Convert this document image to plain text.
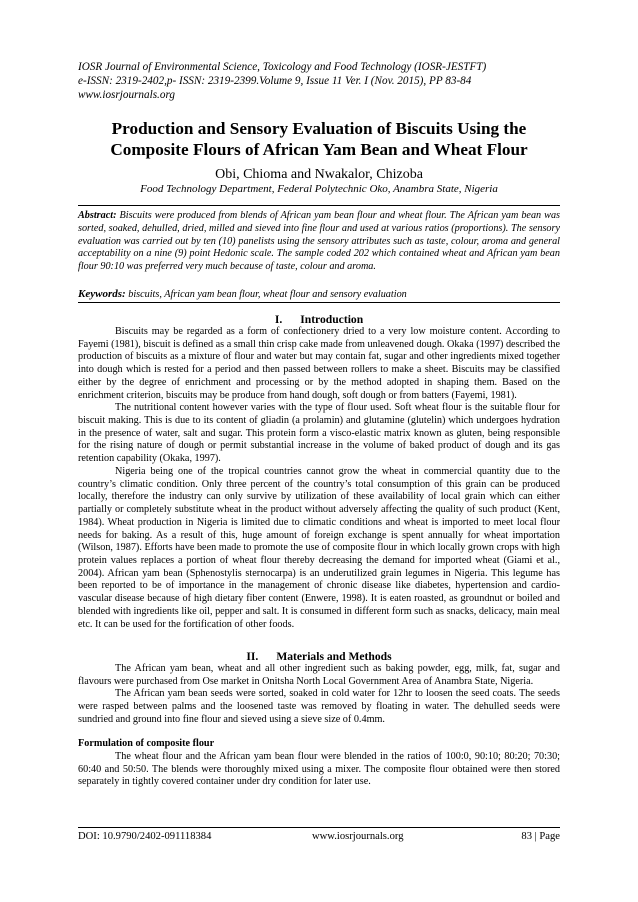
IOSR Journal of Environmental Science, Toxicology and Food Technology (IOSR-JESTFT)
e-ISSN: 2319-2402,p- ISSN: 2319-2399.Volume 9, Issue 11 Ver. I (Nov. 2015), PP 83-84
www.iosrjournals.org
Production and Sensory Evaluation of Biscuits Using the
Composite Flours of African Yam Bean and Wheat Flour
Obi, Chioma and Nwakalor, Chizoba
Food Technology Department, Federal Polytechnic Oko, Anambra State, Nigeria
Abstract: Biscuits were produced from blends of African yam bean flour and wheat flour. The African yam bean was sorted, soaked, dehulled, dried, milled and sieved into fine flour and used at various ratios (proportions). The sensory evaluation was carried out by ten (10) panelists using the sensory attributes such as taste, colour, aroma and general acceptability on a nine (9) point Hedonic scale. The sample coded 202 which contained wheat and African yam bean flour 90:10 was preferred very much because of taste, colour and aroma.
Keywords: biscuits, African yam bean flour, wheat flour and sensory evaluation
I. Introduction

Biscuits may be regarded as a form of confectionery dried to a very low moisture content. According to Fayemi (1981), biscuit is defined as a small thin crisp cake made from unleavened dough. Okaka (1997) described the production of biscuits as a mixture of flour and water but may contain fat, sugar and other ingredients mixed together into dough which is rested for a period and then passed between rollers to make a sheet. Biscuits may be classified either by the degree of enrichment and processing or by the method adopted in shaping them. Based on the enrichment criterion, biscuits may be produce from hand dough, soft dough or from batters (Fayemi, 1981).

The nutritional content however varies with the type of flour used. Soft wheat flour is the suitable flour for biscuit making. This is due to its content of gliadin (a prolamin) and glutamine (glutelin) which undergoes hydration in the presence of water, salt and sugar. This protein form a visco-elastic matrix known as gluten, being responsible for the rising nature of dough or permit substantial increase in the volume of baked product of dough and its gas retention capability (Okaka, 1997).

Nigeria being one of the tropical countries cannot grow the wheat in commercial quantity due to the country’s climatic condition. Only three percent of the country’s total consumption of this grain can be produced locally, therefore the industry can only survive by utilization of these availability of local grain which can either partially or completely substitute wheat in the product without adversely affecting the quality of such product (Kent, 1984). Wheat production in Nigeria is limited due to climatic conditions and wheat is imported to meet local flour needs for baking. As a result of this, huge amount of foreign exchange is spent annually for wheat importation (Wilson, 1987). Efforts have been made to promote the use of composite flour in which locally grown crops with high protein values replaces a portion of wheat flour thereby decreasing the demand for imported wheat (Giami et al., 2004). African yam bean (Sphenostylis sternocarpa) is an underutilized grain legumes in Nigeria. This legume has been reported to be of importance in the management of chronic disease like diabetes, hypertension and cardio-vascular disease because of high dietary fiber content (Enwere, 1998). It is eaten roasted, as groundnut or boiled and blended with ingredients like oil, pepper and salt. It is consumed in different form such as snacks, delicacy, main meal etc. It can be used for the fortification of other foods.

II. Materials and Methods

The African yam bean, wheat and all other ingredient such as baking powder, egg, milk, fat, sugar and flavours were purchased from Ose market in Onitsha North Local Government Area of Anambra State, Nigeria.

The African yam bean seeds were sorted, soaked in cold water for 12hr to loosen the seed coats. The seeds were rasped between palms and the loosened taste was removed by floating in water. The dehulled seeds were sundried and ground into fine flour and sieved using a sieve size of 0.4mm.

Formulation of composite flour

The wheat flour and the African yam bean flour were blended in the ratios of 100:0, 90:10; 80:20; 70:30; 60:40 and 50:50. The blends were thoroughly mixed using a mixer. The composite flour obtained were then stored separately in tightly covered container under dry condition for later use.

DOI: 10.9790/2402-091118384	www.iosrjournals.org	83 | Page
